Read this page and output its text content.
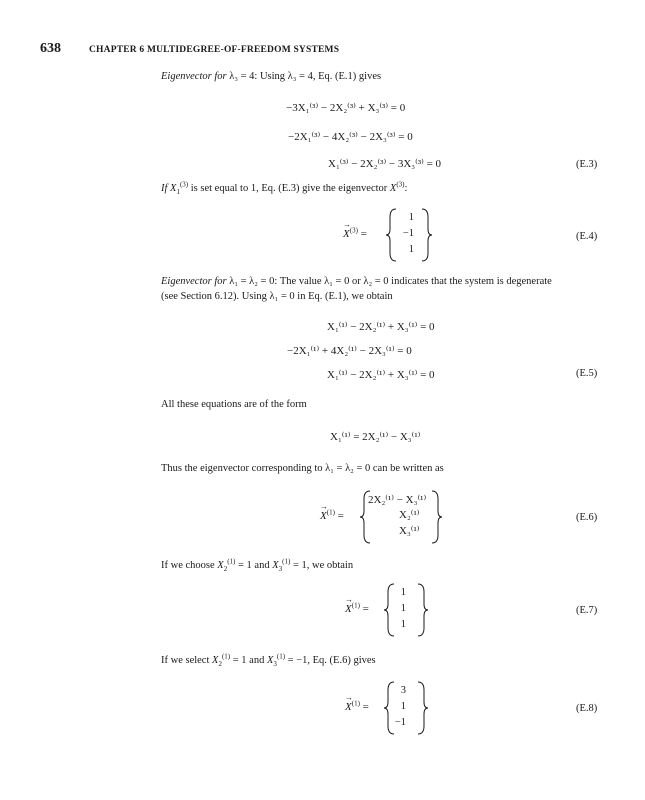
638	CHAPTER 6 MULTIDEGREE-OF-FREEDOM SYSTEMS
Eigenvector for λ₃ = 4: Using λ₃ = 4, Eq. (E.1) gives
−3X₁⁽³⁾ − 2X₂⁽³⁾ + X₃⁽³⁾ = 0
−2X₁⁽³⁾ − 4X₂⁽³⁾ − 2X₃⁽³⁾ = 0
X₁⁽³⁾ − 2X₂⁽³⁾ − 3X₃⁽³⁾ = 0	(E.3)
If $X_1^{(3)}$ is set equal to 1, Eq. (E.3) give the eigenvector $X^{(3)}$:
→ $X^{(3)}$ =
1
−1
1
(E.4)
Eigenvector for λ₁ = λ₂ = 0: The value λ₁ = 0 or λ₂ = 0 indicates that the system is degenerate
(see Section 6.12). Using λ₁ = 0 in Eq. (E.1), we obtain
X₁⁽¹⁾ − 2X₂⁽¹⁾ + X₃⁽¹⁾ = 0
−2X₁⁽¹⁾ + 4X₂⁽¹⁾ − 2X₃⁽¹⁾ = 0
X₁⁽¹⁾ − 2X₂⁽¹⁾ + X₃⁽¹⁾ = 0	(E.5)
All these equations are of the form
X₁⁽¹⁾ = 2X₂⁽¹⁾ − X₃⁽¹⁾
Thus the eigenvector corresponding to λ₁ = λ₂ = 0 can be written as
→ $X^{(1)}$ =
2X₂⁽¹⁾ − X₃⁽¹⁾
X₂⁽¹⁾
X₃⁽¹⁾
(E.6)
If we choose $X_2^{(1)} = 1$ and $X_3^{(1)} = 1$, we obtain
→ $X^{(1)}$ =
1
1
1
(E.7)
If we select $X_2^{(1)} = 1$ and $X_3^{(1)} = -1$, Eq. (E.6) gives
→ $X^{(1)}$ =
3
1
−1
(E.8)
